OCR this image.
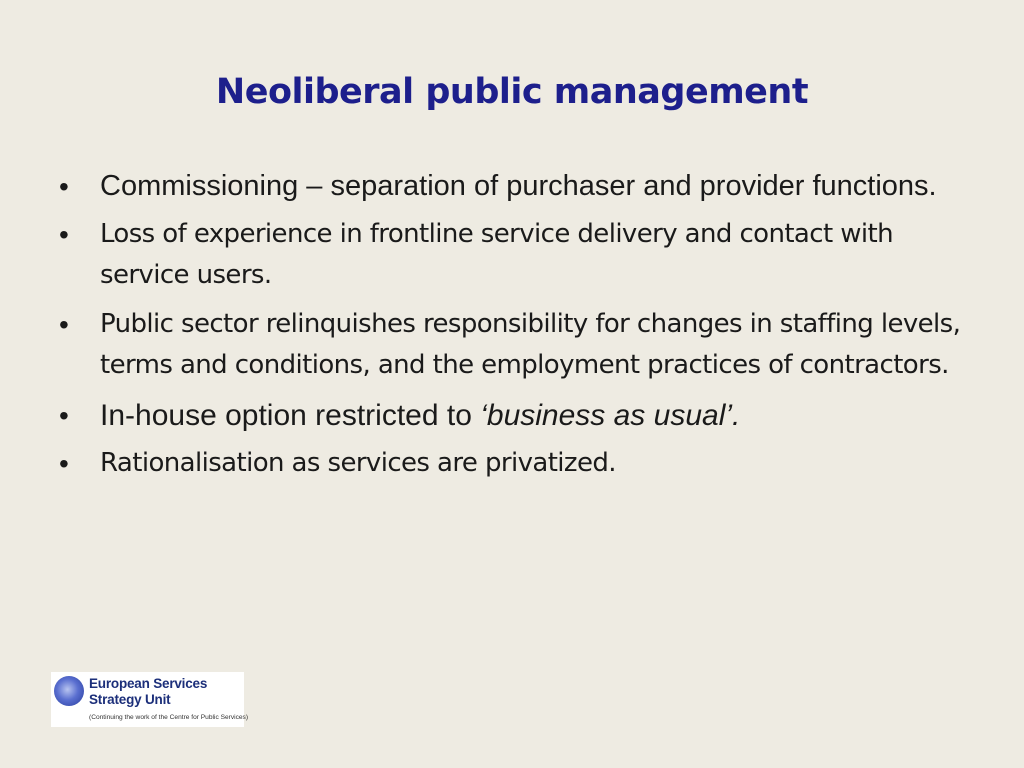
Neoliberal public management
• Commissioning – separation of purchaser and provider functions.
• Loss of experience in frontline service delivery and contact with service users.
• Public sector relinquishes responsibility for changes in staffing levels, terms and conditions, and the employment practices of contractors.
• In-house option restricted to ‘business as usual’.
• Rationalisation as services are privatized.
European Services
Strategy Unit
(Continuing the work of the Centre for Public Services)
